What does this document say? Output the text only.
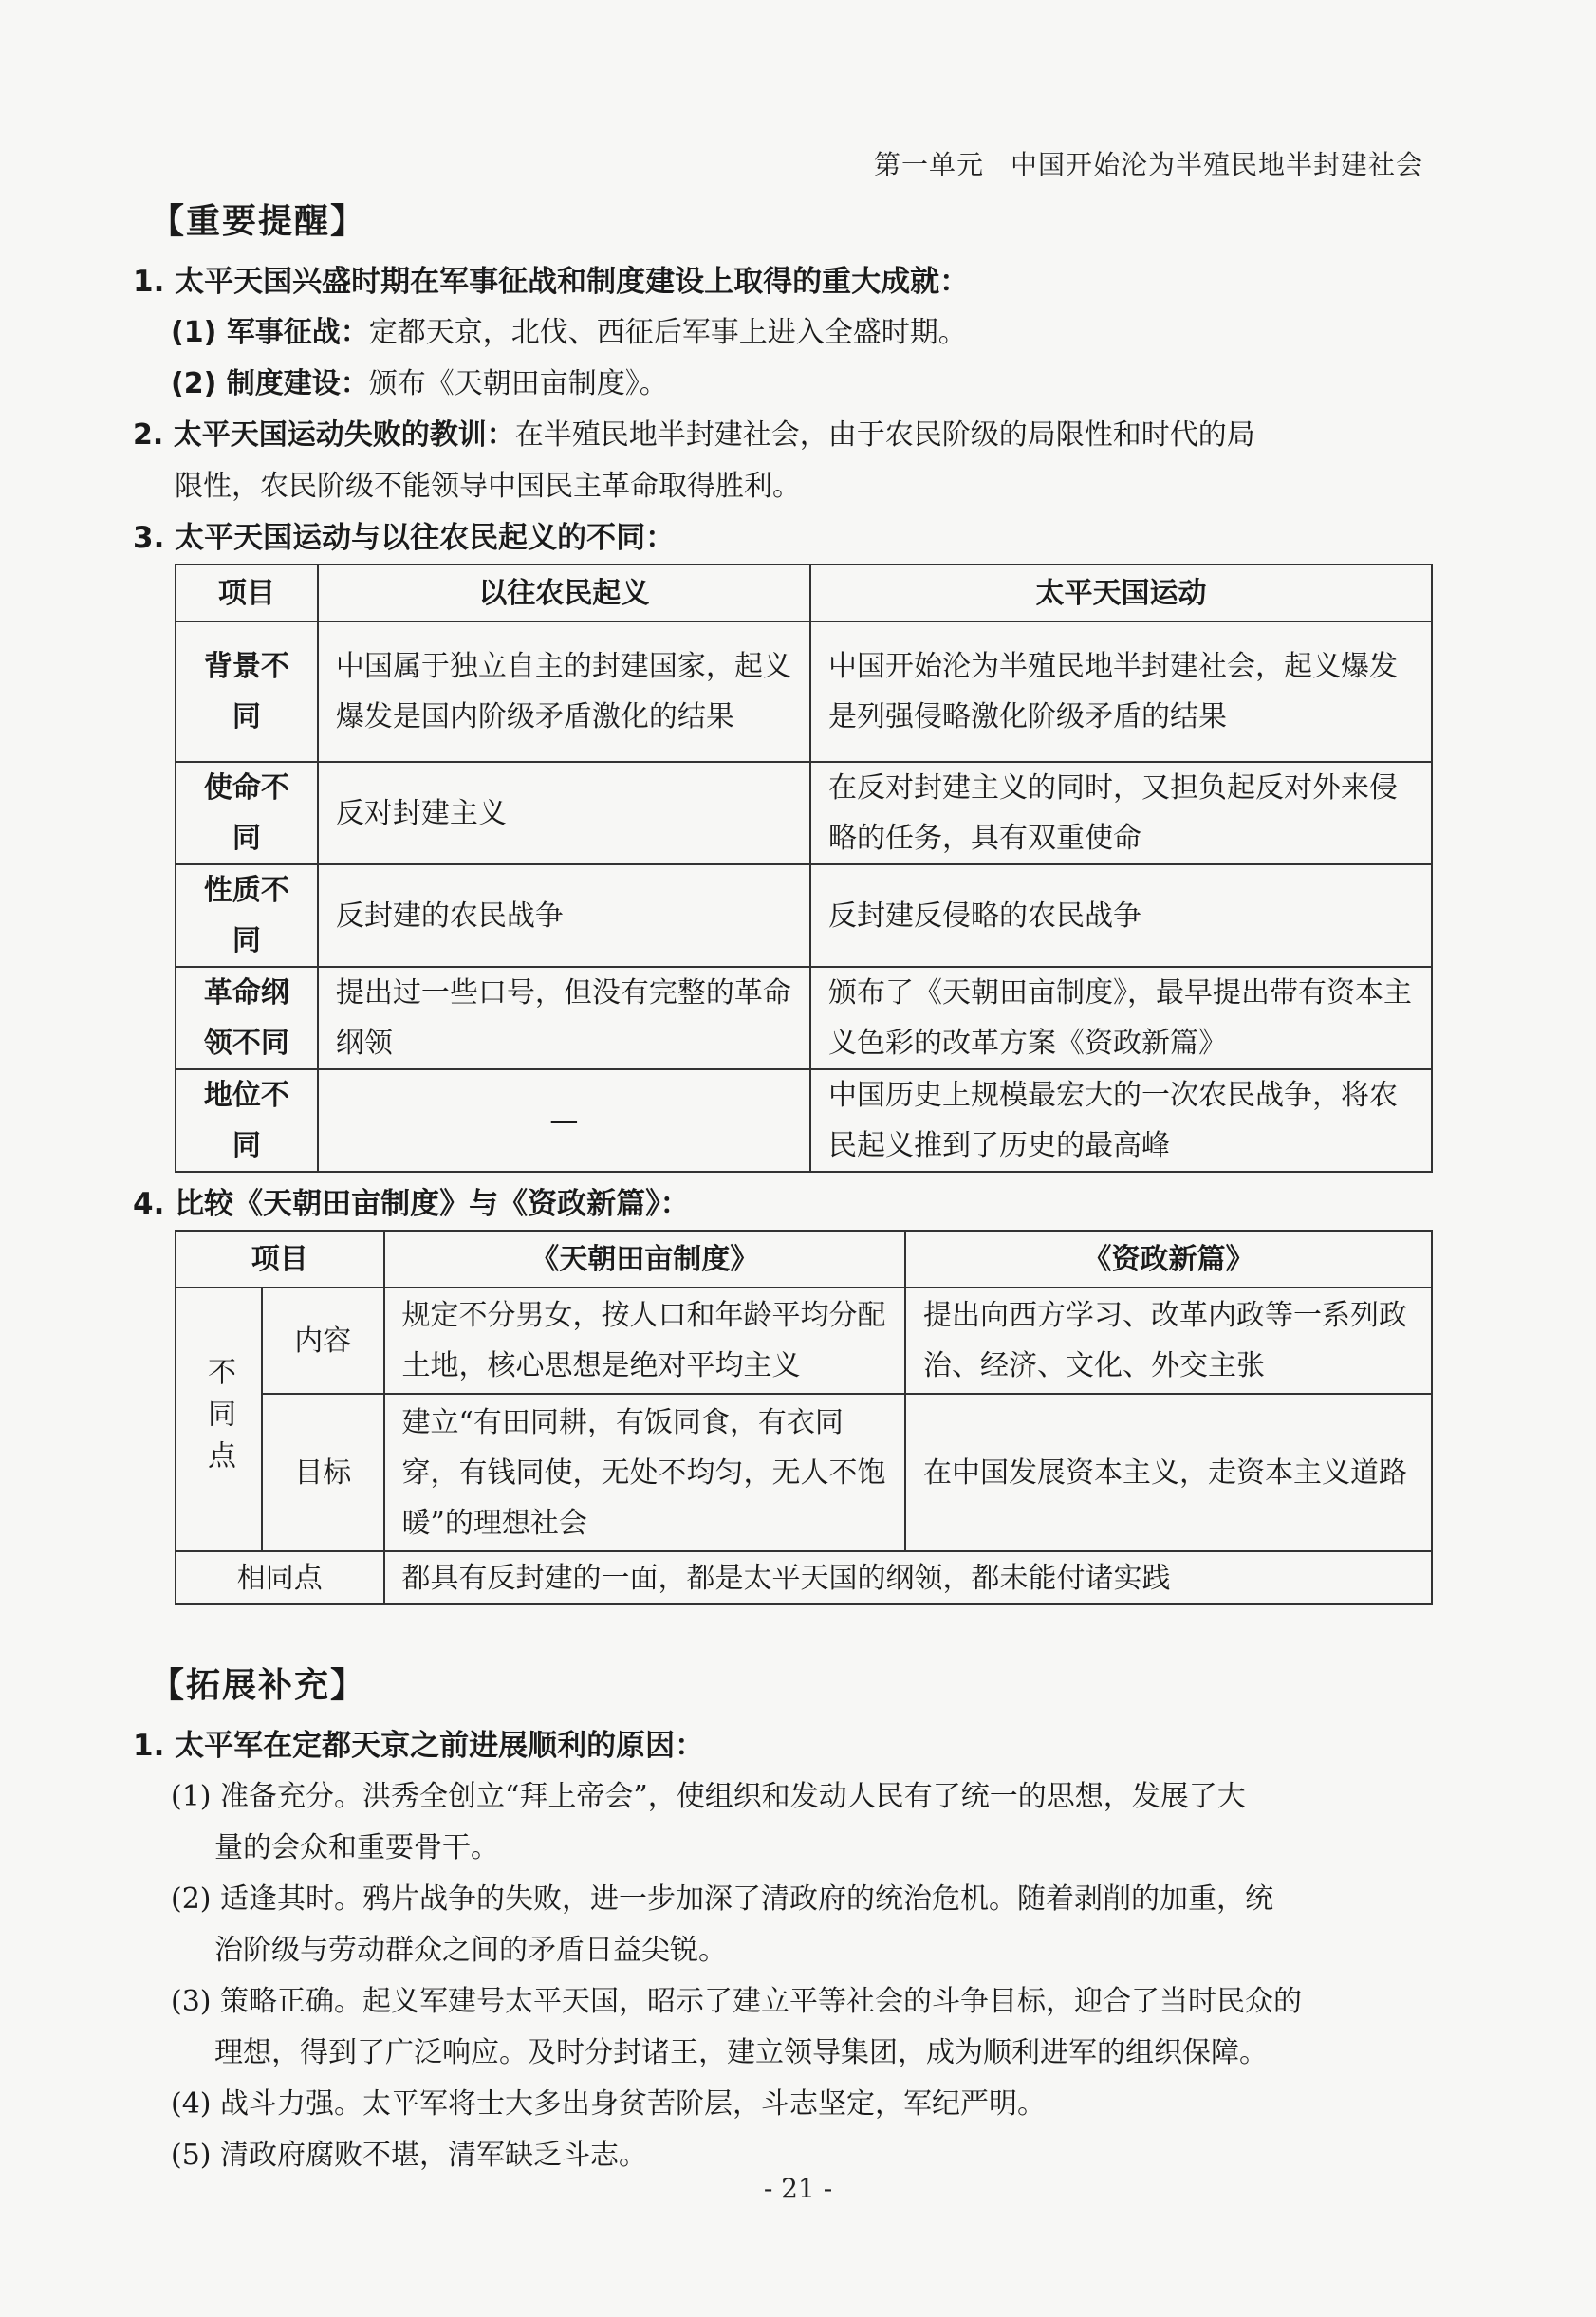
第一单元 中国开始沦为半殖民地半封建社会
【重要提醒】

1. 太平天国兴盛时期在军事征战和制度建设上取得的重大成就：

(1) 军事征战：定都天京，北伐、西征后军事上进入全盛时期。
(2) 制度建设：颁布《天朝田亩制度》。

2. 太平天国运动失败的教训：在半殖民地半封建社会，由于农民阶级的局限性和时代的局

限性，农民阶级不能领导中国民主革命取得胜利。

3. 太平天国运动与以往农民起义的不同：

项目	以往农民起义	太平天国运动
背景不同	中国属于独立自主的封建国家，起义爆发是国内阶级矛盾激化的结果	中国开始沦为半殖民地半封建社会，起义爆发是列强侵略激化阶级矛盾的结果
使命不同	反对封建主义	在反对封建主义的同时，又担负起反对外来侵略的任务，具有双重使命
性质不同	反封建的农民战争	反封建反侵略的农民战争
革命纲领不同	提出过一些口号，但没有完整的革命纲领	颁布了《天朝田亩制度》，最早提出带有资本主义色彩的改革方案《资政新篇》
地位不同	—	中国历史上规模最宏大的一次农民战争，将农民起义推到了历史的最高峰

4. 比较《天朝田亩制度》与《资政新篇》：

项目		《天朝田亩制度》	《资政新篇》
不同点	内容	规定不分男女，按人口和年龄平均分配土地，核心思想是绝对平均主义	提出向西方学习、改革内政等一系列政治、经济、文化、外交主张
	目标	建立“有田同耕，有饭同食，有衣同穿，有钱同使，无处不均匀，无人不饱暖”的理想社会	在中国发展资本主义，走资本主义道路
相同点		都具有反封建的一面，都是太平天国的纲领，都未能付诸实践	
【拓展补充】

1. 太平军在定都天京之前进展顺利的原因：

(1) 准备充分。洪秀全创立“拜上帝会”，使组织和发动人民有了统一的思想，发展了大
量的会众和重要骨干。

(2) 适逢其时。鸦片战争的失败，进一步加深了清政府的统治危机。随着剥削的加重，统
治阶级与劳动群众之间的矛盾日益尖锐。

(3) 策略正确。起义军建号太平天国，昭示了建立平等社会的斗争目标，迎合了当时民众的
理想，得到了广泛响应。及时分封诸王，建立领导集团，成为顺利进军的组织保障。

(4) 战斗力强。太平军将士大多出身贫苦阶层，斗志坚定，军纪严明。

(5) 清政府腐败不堪，清军缺乏斗志。

- 21 -
